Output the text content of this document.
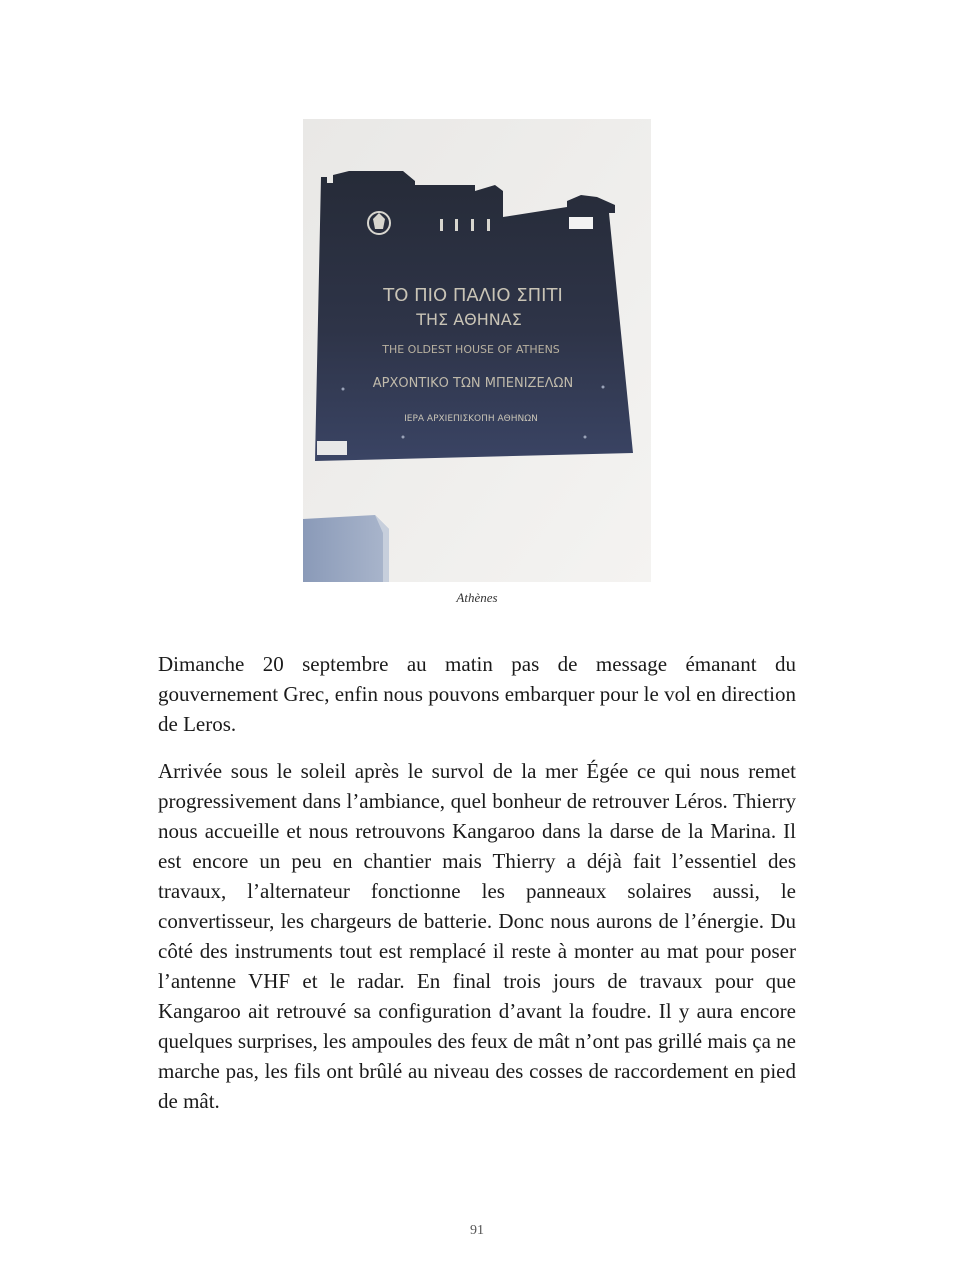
ΤΟ ΠΙΟ ΠΑΛΙΟ ΣΠΙΤΙ
ΤΗΣ ΑΘΗΝΑΣ
THE OLDEST HOUSE OF ATHENS
ΑΡΧΟΝΤΙΚΟ ΤΩΝ ΜΠΕΝΙΖΕΛΩΝ
ΙΕΡΑ ΑΡΧΙΕΠΙΣΚΟΠΗ ΑΘΗΝΩΝ
Athènes

Dimanche 20 septembre au matin pas de message émanant du gouvernement Grec, enfin nous pouvons embarquer pour le vol en direction de Leros.

Arrivée sous le soleil après le survol de la mer Égée ce qui nous remet progressivement dans l’ambiance, quel bonheur de retrouver Léros. Thierry nous accueille et nous retrouvons Kangaroo dans la darse de la Marina. Il est encore un peu en chantier mais Thierry a déjà fait l’essentiel des travaux, l’alternateur fonctionne les panneaux solaires aussi, le convertisseur, les chargeurs de batterie. Donc nous aurons de l’énergie. Du côté des instruments tout est remplacé il reste à monter au mat pour poser l’antenne VHF et le radar. En final trois jours de travaux pour que Kangaroo ait retrouvé sa configuration d’avant la foudre. Il y aura encore quelques surprises, les ampoules des feux de mât n’ont pas grillé mais ça ne marche pas, les fils ont brûlé au niveau des cosses de raccordement en pied de mât.

91
